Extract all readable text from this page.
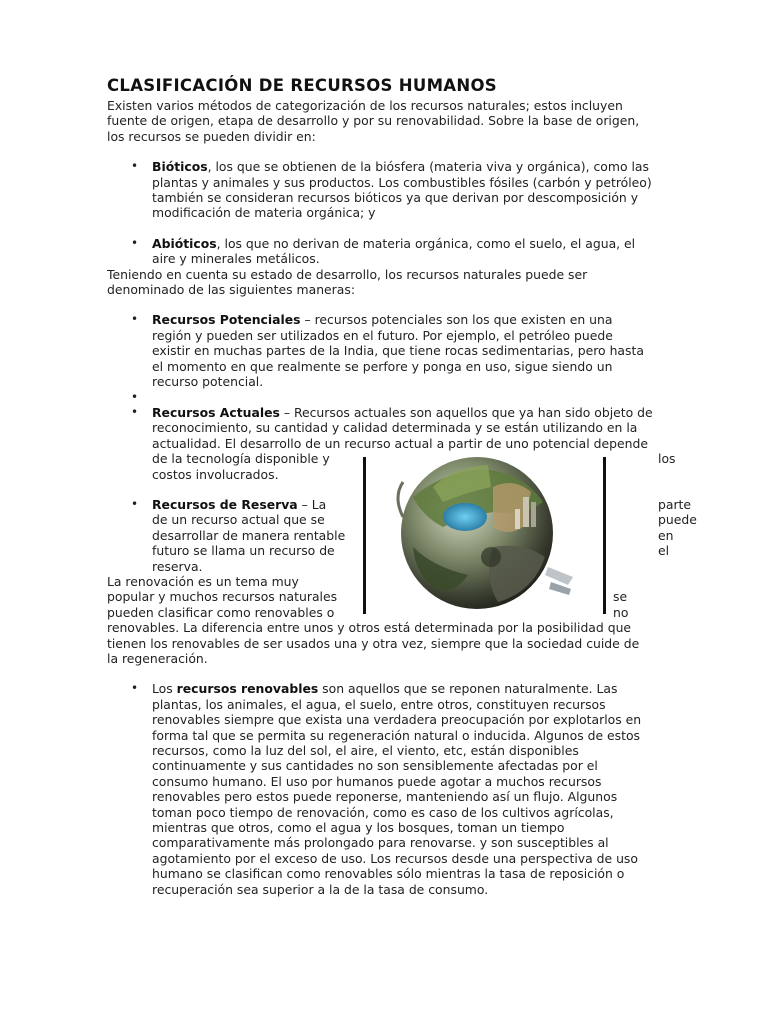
CLASIFICACIÓN DE RECURSOS HUMANOS

Existen varios métodos de categorización de los recursos naturales; estos incluyen
fuente de origen, etapa de desarrollo y por su renovabilidad. Sobre la base de origen,
los recursos se pueden dividir en:

• Bióticos, los que se obtienen de la biósfera (materia viva y orgánica), como las
plantas y animales y sus productos. Los combustibles fósiles (carbón y petróleo)
también se consideran recursos bióticos ya que derivan por descomposición y
modificación de materia orgánica; y
• Abióticos, los que no derivan de materia orgánica, como el suelo, el agua, el
aire y minerales metálicos.

Teniendo en cuenta su estado de desarrollo, los recursos naturales puede ser
denominado de las siguientes maneras:

• Recursos Potenciales – recursos potenciales son los que existen en una
región y pueden ser utilizados en el futuro. Por ejemplo, el petróleo puede
existir en muchas partes de la India, que tiene rocas sedimentarias, pero hasta
el momento en que realmente se perfore y ponga en uso, sigue siendo un
recurso potencial.
•

• Recursos Actuales – Recursos actuales son aquellos que ya han sido objeto de
reconocimiento, su cantidad y calidad determinada y se están utilizando en la
actualidad. El desarrollo de un recurso actual a partir de uno potencial depende

de la tecnología disponible y	los
costos involucrados.
• Recursos de Reserva – La	parte
de un recurso actual que se	puede
desarrollar de manera rentable	en el
futuro se llama un recurso de
reserva.

La renovación es un tema muy

popular y muchos recursos naturales	se
pueden clasificar como renovables o	no
renovables. La diferencia entre unos y otros está determinada por la posibilidad que
tienen los renovables de ser usados una y otra vez, siempre que la sociedad cuide de
la regeneración.

• Los recursos renovables son aquellos que se reponen naturalmente. Las
plantas, los animales, el agua, el suelo, entre otros, constituyen recursos
renovables siempre que exista una verdadera preocupación por explotarlos en
forma tal que se permita su regeneración natural o inducida. Algunos de estos
recursos, como la luz del sol, el aire, el viento, etc, están disponibles
continuamente y sus cantidades no son sensiblemente afectadas por el
consumo humano. El uso por humanos puede agotar a muchos recursos
renovables pero estos puede reponerse, manteniendo así un flujo. Algunos
toman poco tiempo de renovación, como es caso de los cultivos agrícolas,
mientras que otros, como el agua y los bosques, toman un tiempo
comparativamente más prolongado para renovarse. y son susceptibles al
agotamiento por el exceso de uso. Los recursos desde una perspectiva de uso
humano se clasifican como renovables sólo mientras la tasa de reposición o
recuperación sea superior a la de la tasa de consumo.
